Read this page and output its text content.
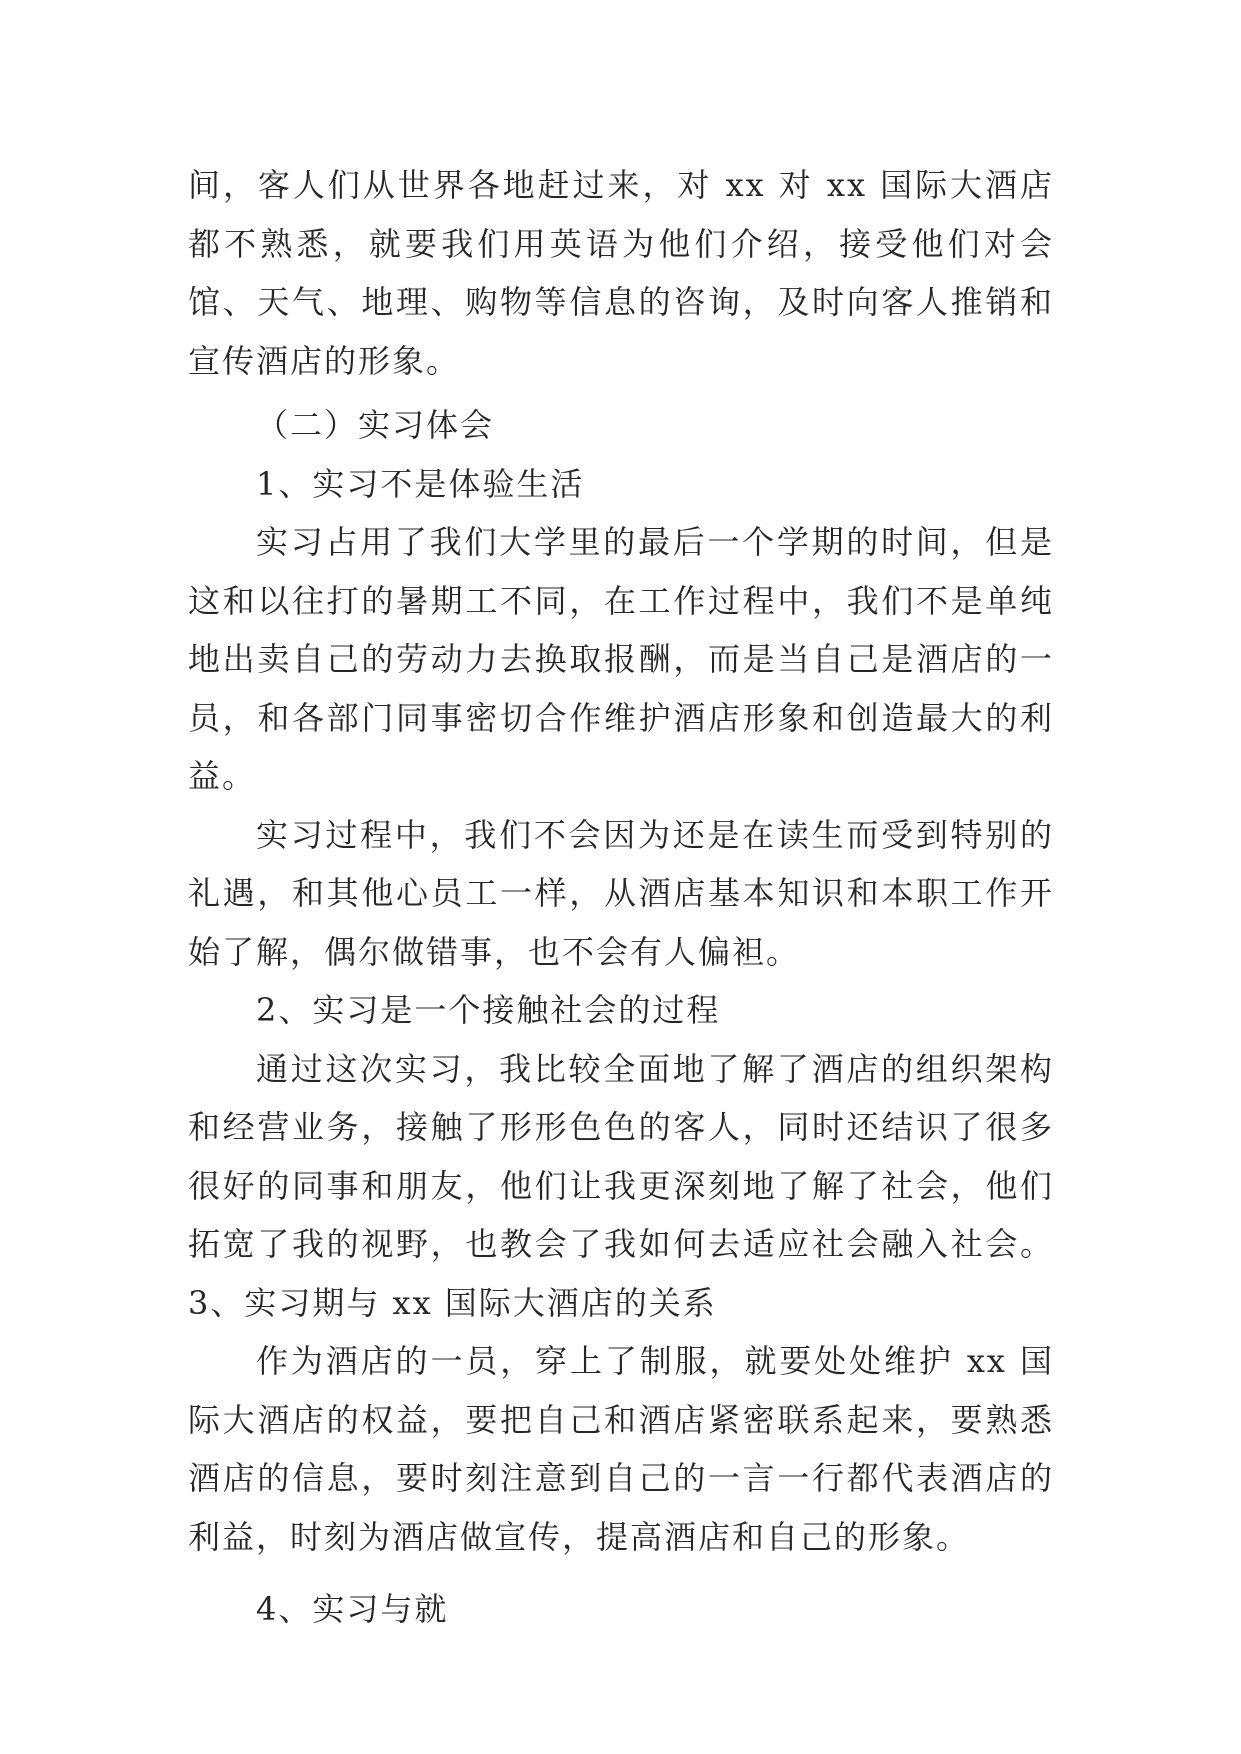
间，客人们从世界各地赶过来，对 xx 对 xx 国际大酒店都不熟悉，就要我们用英语为他们介绍，接受他们对会馆、天气、地理、购物等信息的咨询，及时向客人推销和宣传酒店的形象。

（二）实习体会

1、实习不是体验生活

实习占用了我们大学里的最后一个学期的时间，但是这和以往打的暑期工不同，在工作过程中，我们不是单纯地出卖自己的劳动力去换取报酬，而是当自己是酒店的一员，和各部门同事密切合作维护酒店形象和创造最大的利益。

实习过程中，我们不会因为还是在读生而受到特别的礼遇，和其他心员工一样，从酒店基本知识和本职工作开始了解，偶尔做错事，也不会有人偏袒。

2、实习是一个接触社会的过程

通过这次实习，我比较全面地了解了酒店的组织架构和经营业务，接触了形形色色的客人，同时还结识了很多很好的同事和朋友，他们让我更深刻地了解了社会，他们拓宽了我的视野，也教会了我如何去适应社会融入社会。 3、实习期与 xx 国际大酒店的关系

作为酒店的一员，穿上了制服，就要处处维护 xx 国际大酒店的权益，要把自己和酒店紧密联系起来，要熟悉酒店的信息，要时刻注意到自己的一言一行都代表酒店的利益，时刻为酒店做宣传，提高酒店和自己的形象。

4、实习与就
